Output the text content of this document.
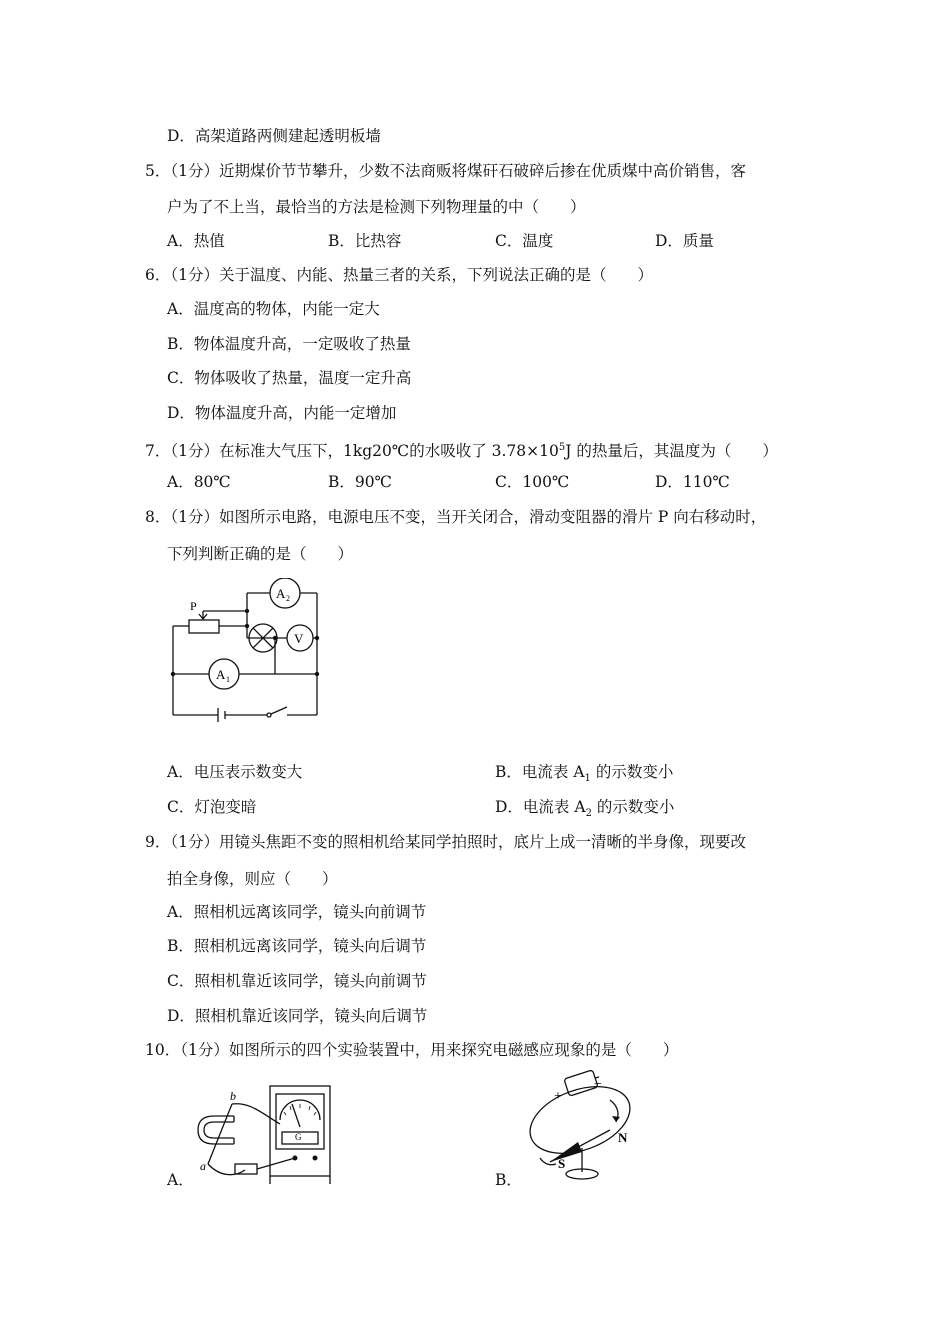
D．高架道路两侧建起透明板墙
5．（1分）近期煤价节节攀升，少数不法商贩将煤矸石破碎后掺在优质煤中高价销售，客
户为了不上当，最恰当的方法是检测下列物理量的中（　　）
A．热值	B．比热容	C．温度	D．质量
6．（1分）关于温度、内能、热量三者的关系，下列说法正确的是（　　）
A．温度高的物体，内能一定大
B．物体温度升高，一定吸收了热量
C．物体吸收了热量，温度一定升高
D．物体温度升高，内能一定增加
7．（1分）在标准大气压下，1kg20℃的水吸收了 $3.78\times 10^5J$ 的热量后，其温度为（　　）
A．80℃	B．90℃	C．100℃	D．110℃
8．（1分）如图所示电路，电源电压不变，当开关闭合，滑动变阻器的滑片 P 向右移动时，
下列判断正确的是（　　）
P
A 2
V
A 1
A．电压表示数变大	B．电流表 $A_1$ 的示数变小
C．灯泡变暗	D．电流表 $A_2$ 的示数变小
9．（1分）用镜头焦距不变的照相机给某同学拍照时，底片上成一清晰的半身像，现要改
拍全身像，则应（　　）
A．照相机远离该同学，镜头向前调节
B．照相机远离该同学，镜头向后调节
C．照相机靠近该同学，镜头向前调节
D．照相机靠近该同学，镜头向后调节
10．（1分）如图所示的四个实验装置中，用来探究电磁感应现象的是（　　）
A．
b
a
G
B．
+
−
N
S
